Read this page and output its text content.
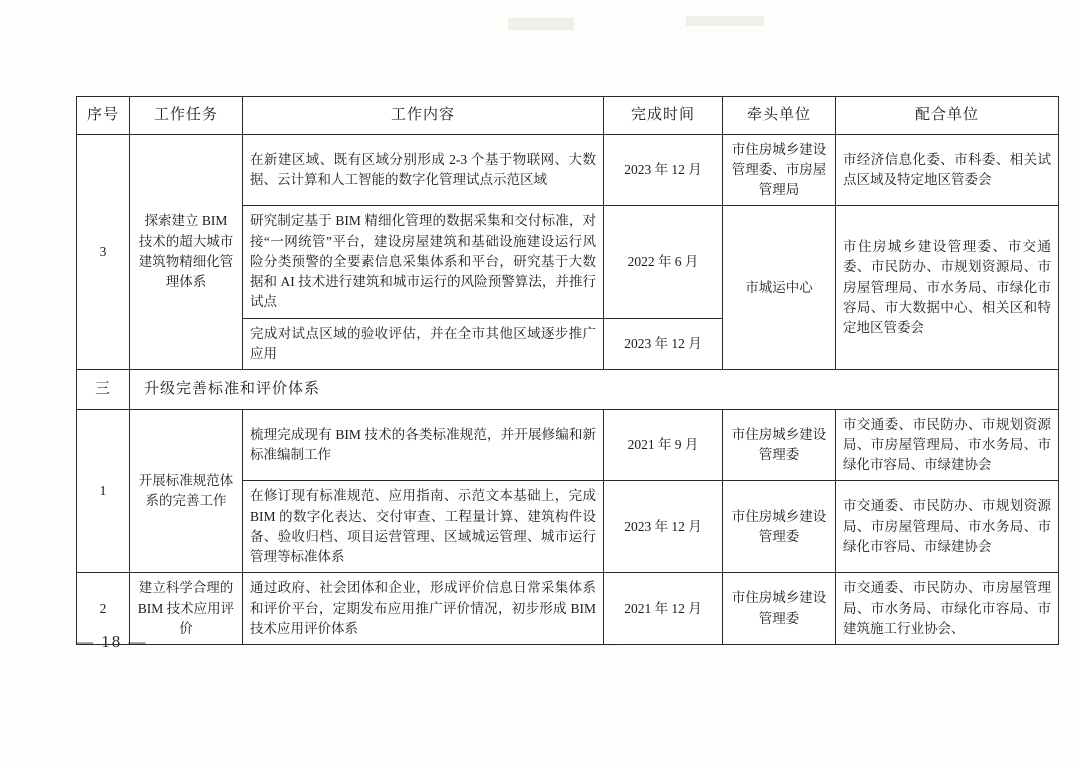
序号	工作任务	工作内容	完成时间	牵头单位	配合单位
3	探索建立 BIM 技术的超大城市建筑物精细化管理体系	在新建区域、既有区域分别形成 2-3 个基于物联网、大数据、云计算和人工智能的数字化管理试点示范区域	2023 年 12 月	市住房城乡建设管理委、市房屋管理局	市经济信息化委、市科委、相关试点区域及特定地区管委会
		研究制定基于 BIM 精细化管理的数据采集和交付标准，对接“一网统管”平台，建设房屋建筑和基础设施建设运行风险分类预警的全要素信息采集体系和平台，研究基于大数据和 AI 技术进行建筑和城市运行的风险预警算法，并推行试点	2022 年 6 月	市城运中心	市住房城乡建设管理委、市交通委、市民防办、市规划资源局、市房屋管理局、市水务局、市绿化市容局、市大数据中心、相关区和特定地区管委会
		完成对试点区域的验收评估，并在全市其他区域逐步推广应用	2023 年 12 月		
三	升级完善标准和评价体系				
1	开展标准规范体系的完善工作	梳理完成现有 BIM 技术的各类标准规范，并开展修编和新标准编制工作	2021 年 9 月	市住房城乡建设管理委	市交通委、市民防办、市规划资源局、市房屋管理局、市水务局、市绿化市容局、市绿建协会
		在修订现有标准规范、应用指南、示范文本基础上，完成 BIM 的数字化表达、交付审查、工程量计算、建筑构件设备、验收归档、项目运营管理、区域城运管理、城市运行管理等标准体系	2023 年 12 月	市住房城乡建设管理委	市交通委、市民防办、市规划资源局、市房屋管理局、市水务局、市绿化市容局、市绿建协会
2	建立科学合理的 BIM 技术应用评价	通过政府、社会团体和企业，形成评价信息日常采集体系和评价平台，定期发布应用推广评价情况，初步形成 BIM 技术应用评价体系	2021 年 12 月	市住房城乡建设管理委	市交通委、市民防办、市房屋管理局、市水务局、市绿化市容局、市建筑施工行业协会、
— 18 —
